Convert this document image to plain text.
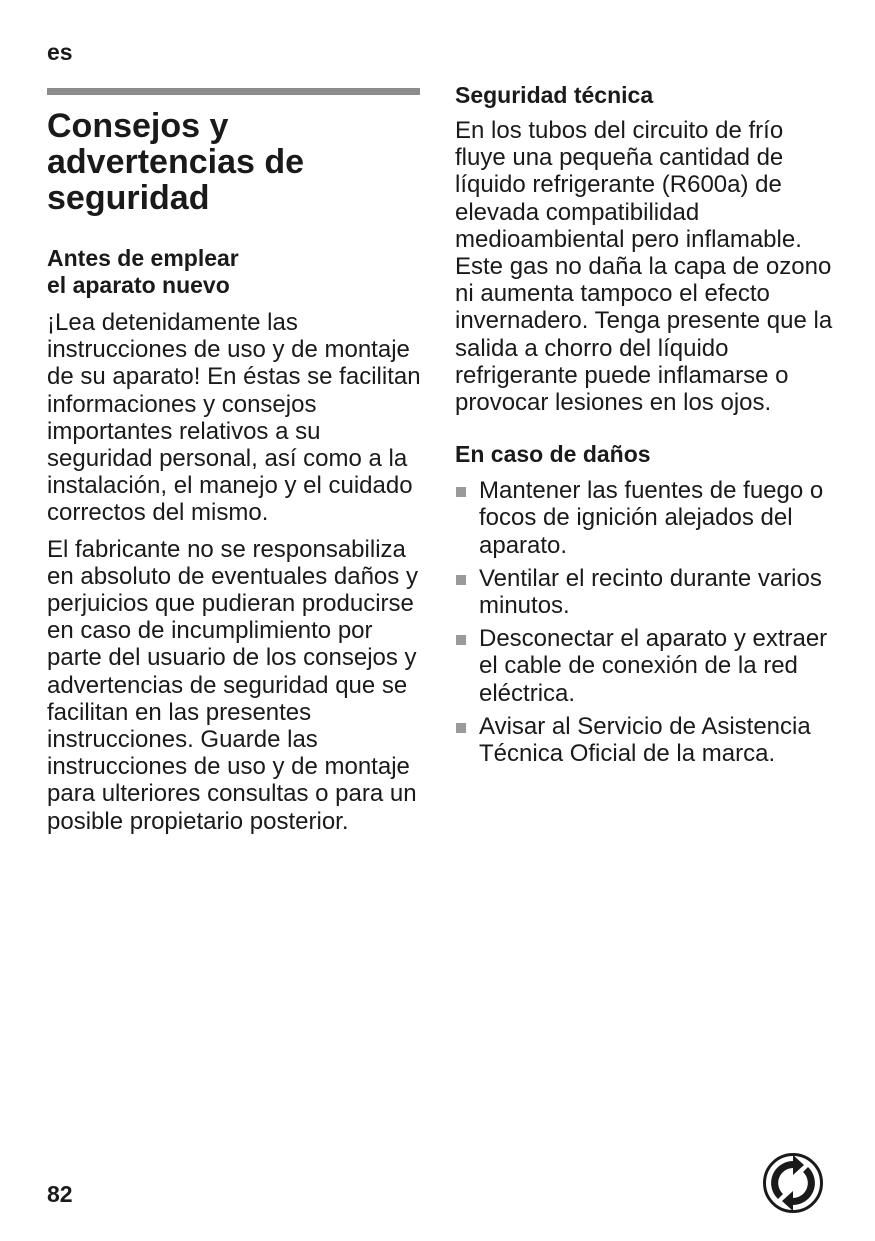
es
Consejos y advertencias de seguridad
Antes de emplear
el aparato nuevo

¡Lea detenidamente las instrucciones de uso y de montaje de su aparato! En éstas se facilitan informaciones y consejos importantes relativos a su seguridad personal, así como a la instalación, el manejo y el cuidado correctos del mismo.

El fabricante no se responsabiliza en absoluto de eventuales daños y perjuicios que pudieran producirse en caso de incumplimiento por parte del usuario de los consejos y advertencias de seguridad que se facilitan en las presentes instrucciones. Guarde las instrucciones de uso y de montaje para ulteriores consultas o para un posible propietario posterior.

Seguridad técnica

En los tubos del circuito de frío fluye una pequeña cantidad de líquido refrigerante (R600a) de elevada compatibilidad medioambiental pero inflamable. Este gas no daña la capa de ozono ni aumenta tampoco el efecto invernadero. Tenga presente que la salida a chorro del líquido refrigerante puede inflamarse o provocar lesiones en los ojos.

En caso de daños
Mantener las fuentes de fuego o focos de ignición alejados del aparato.
Ventilar el recinto durante varios minutos.
Desconectar el aparato y extraer el cable de conexión de la red eléctrica.
Avisar al Servicio de Asistencia Técnica Oficial de la marca.
82
